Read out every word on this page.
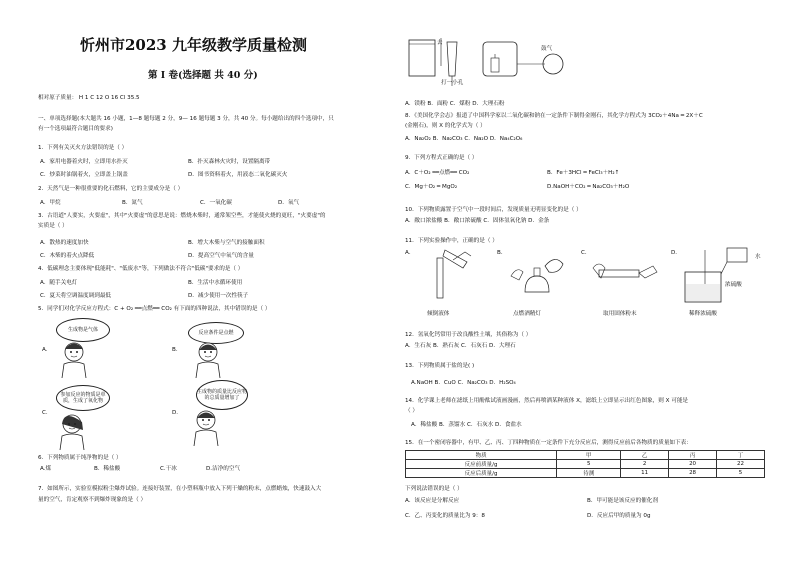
忻州市2023 九年级教学质量检测
第 I 卷(选择题 共 40 分)
相对原子质量： H 1 C 12 O 16 Cl 35.5
一、单项选择题(本大题共 16 小题，1—8 题每题 2 分，9— 16 题每题 3 分，共 40 分。每小题给出的四个选项中，只
有一个选项最符合题目的要求)
1．下列有关灭火方法错误的是（ ）
A．家用电器着火时，立即用水扑灭	B．扑灭森林火灾时，设置隔离带
C．炒菜时油锅着火，立即盖上锅盖	D．图书资料着火，用液态二氧化碳灭火
2．天然气是一种很重要的化石燃料，它的主要成分是（ ）
A．甲烷	B．氮气	C．一氧化碳	D．氧气
3．古语道"人要实，火要虚"，其中"火要虚"的意思是说：燃烧木柴时，通常架空些，才能使火烧的更旺，"火要虚"的
实质是（ ）
A．散热的速度加快	B．增大木柴与空气的接触面积
C．木柴的着火点降低	D．提高空气中氧气的含量
4．低碳理念主要体现"低能耗"、"低废水"等，下列做法不符合"低碳"要求的是（ ）
A．随手关电灯	B．生活中水循环使用
C．夏天将空调温度调到最低	D．减少使用一次性筷子
5．同学们对化学反应方程式：C + O₂ ══点燃══ CO₂ 有下面的四种说法，其中错误的是（ ）
A.
生成物是气体
B.
反应条件是点燃
C.
参加反应的物质是单质，生成了氧化物
D.
生成物的质量比反应物的总质量增加了
6．下列物质属于纯净物的是（ ）
A.煤	B．稀盐酸	C.干冰	D.洁净的空气
7．如图所示，实验室模拟粉尘爆炸试验。连接好装置，在小塑料瓶中放入下列干燥的粉末，点燃蜡烛，快速鼓入大
量的空气，肯定观察不到爆炸现象的是（ ）
去
打一小孔
鼓气
A．镁粉 B．面粉 C．煤粉 D．大理石粉
8．《美国化学会志》报道了中国科学家以二氧化碳和钠在一定条件下制得金刚石，其化学方程式为 3CO₂＋4Na ═ 2X＋C
(金刚石)，则 X 的化学式为（ ）
A．Na₂O₂ B．Na₂CO₃ C．Na₂O D．Na₄C₂O₆
9．下列方程式正确的是（ ）
A．C＋O₂ ══点燃══ CO₂	B．Fe＋3HCl ═ FeCl₃＋H₂↑
C．Mg＋O₂ ═ MgO₂	D.NaOH＋CO₂ ═ Na₂CO₃＋H₂O
10．下列物质露置于空气中一段时间后，发现质量无明显变化的是（ ）
A．敞口浓盐酸 B．敞口浓硫酸 C．固体氢氧化钠 D．金条
11．下列实验操作中，正确的是（ ）
A．	B．	C．	D．
水
浓硫酸
倾倒液体	点燃酒精灯	取用固体粉末	稀释浓硫酸
12．氢氧化钙常用于改良酸性土壤，其俗称为（ ）
A．生石灰 B．熟石灰 C．石灰石 D．大理石
13．下列物质属于盐的是( )
A.NaOH B．CuO C．Na₂CO₃ D．H₂SO₄
14．化学课上老师在滤纸上用酚酞试液画漫画，然后再喷洒某种液体 X，滤纸上立即显示出红色图象，则 X 可能是
（ ）
A．稀盐酸 B．蒸馏水 C．石灰水 D．食盐水
15．在一个密闭容器中，有甲、乙、丙、丁四种物质在一定条件下充分反应后，测得反应前后各物质的质量如下表：
物质	甲	乙	丙	丁
反应前质量/g	5	2	20	22
反应后质量/g	待测	11	28	5
下列说法错误的是（ ）
A．该反应是分解反应	B．甲可能是该反应的催化剂
C．乙、丙变化的质量比为 9：8	D．反应后甲的质量为 0g
